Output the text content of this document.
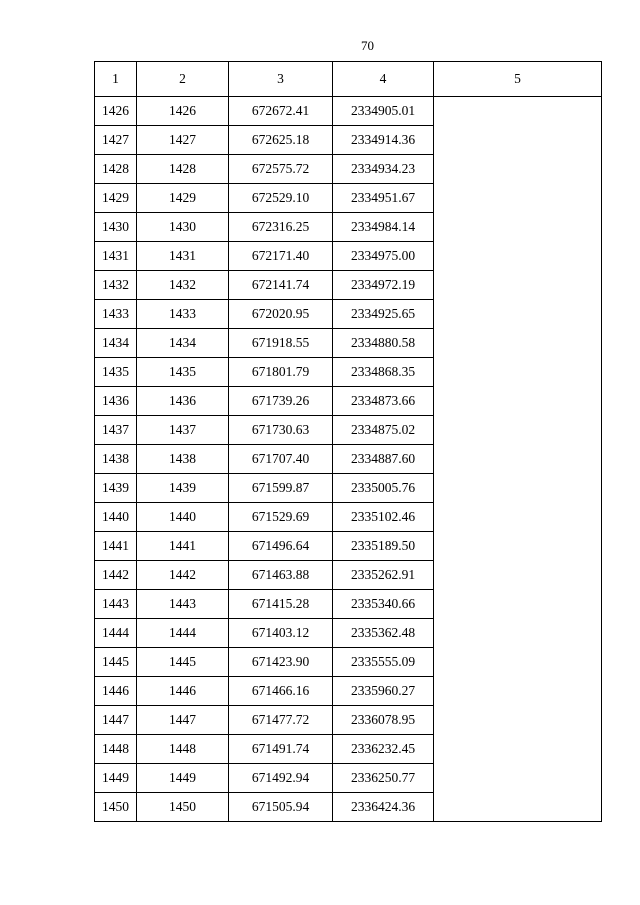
70
1	2	3	4	5
1426	1426	672672.41	2334905.01	
1427	1427	672625.18	2334914.36	
1428	1428	672575.72	2334934.23	
1429	1429	672529.10	2334951.67	
1430	1430	672316.25	2334984.14	
1431	1431	672171.40	2334975.00	
1432	1432	672141.74	2334972.19	
1433	1433	672020.95	2334925.65	
1434	1434	671918.55	2334880.58	
1435	1435	671801.79	2334868.35	
1436	1436	671739.26	2334873.66	
1437	1437	671730.63	2334875.02	
1438	1438	671707.40	2334887.60	
1439	1439	671599.87	2335005.76	
1440	1440	671529.69	2335102.46	
1441	1441	671496.64	2335189.50	
1442	1442	671463.88	2335262.91	
1443	1443	671415.28	2335340.66	
1444	1444	671403.12	2335362.48	
1445	1445	671423.90	2335555.09	
1446	1446	671466.16	2335960.27	
1447	1447	671477.72	2336078.95	
1448	1448	671491.74	2336232.45	
1449	1449	671492.94	2336250.77	
1450	1450	671505.94	2336424.36	
